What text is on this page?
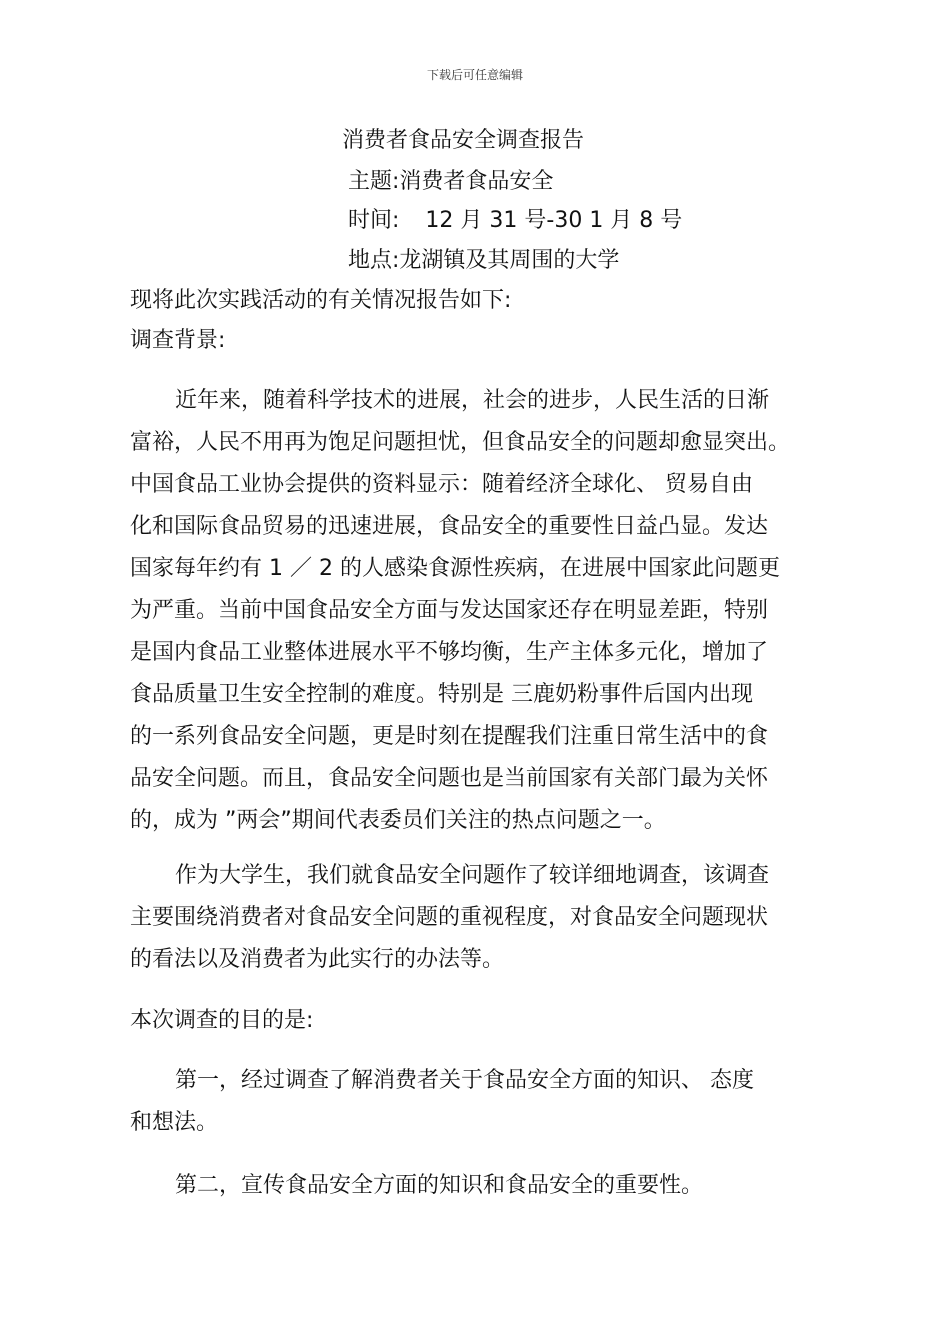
下载后可任意编辑
消费者食品安全调查报告
主题:消费者食品安全
时间: 12 月 31 号-30 1 月 8 号
地点:龙湖镇及其周围的大学
现将此次实践活动的有关情况报告如下:
调查背景:
近年来，随着科学技术的进展，社会的进步，人民生活的日渐
富裕，人民不用再为饱足问题担忧，但食品安全的问题却愈显突出。
中国食品工业协会提供的资料显示：随着经济全球化、 贸易自由
化和国际食品贸易的迅速进展，食品安全的重要性日益凸显。发达
国家每年约有 1 ／ 2 的人感染食源性疾病，在进展中国家此问题更
为严重。当前中国食品安全方面与发达国家还存在明显差距，特别
是国内食品工业整体进展水平不够均衡，生产主体多元化，增加了
食品质量卫生安全控制的难度。特别是 三鹿奶粉事件后国内出现
的一系列食品安全问题，更是时刻在提醒我们注重日常生活中的食
品安全问题。而且，食品安全问题也是当前国家有关部门最为关怀
的，成为 ”两会”期间代表委员们关注的热点问题之一。
作为大学生，我们就食品安全问题作了较详细地调查，该调查
主要围绕消费者对食品安全问题的重视程度，对食品安全问题现状
的看法以及消费者为此实行的办法等。
本次调查的目的是:
第一，经过调查了解消费者关于食品安全方面的知识、 态度
和想法。
第二，宣传食品安全方面的知识和食品安全的重要性。
